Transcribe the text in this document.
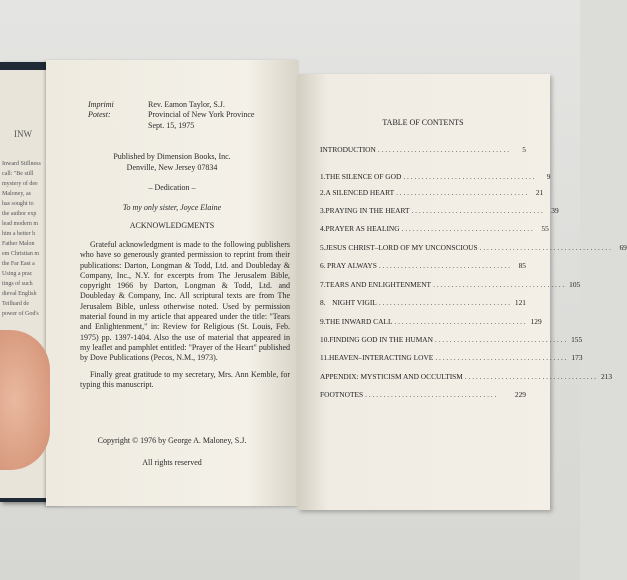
INW
Inward Stillness
call: "Be still
mystery of dee
Maloney, as
has sought to
the author exp
lead modern m
him a better h
Father Malon
em Christian m
the Far East a
Using a prac
tings of such
dieval English
Teilhard de
power of God's
Imprimi Potest:
Rev. Eamon Taylor, S.J.
Provincial of New York Province
Sept. 15, 1975
Published by Dimension Books, Inc.
Denville, New Jersey 07834
– Dedication –
To my only sister, Joyce Elaine
ACKNOWLEDGMENTS

Grateful acknowledgment is made to the following publishers who have so generously granted permission to reprint from their publications: Darton, Longman & Todd, Ltd. and Doubleday & Company, Inc., N.Y. for excerpts from The Jerusalem Bible, copyright 1966 by Darton, Longman & Todd, Ltd. and Doubleday & Company, Inc. All scriptural texts are from The Jerusalem Bible, unless otherwise noted. Used by permission material found in my article that appeared under the title: "Tears and Enlightenment," in: Review for Religious (St. Louis, Feb. 1975) pp. 1397-1404. Also the use of material that appeared in my leaflet and pamphlet entitled: "Prayer of the Heart" published by Dove Publications (Pecos, N.M., 1973).

Finally great gratitude to my secretary, Mrs. Ann Kemble, for typing this manuscript.

Copyright © 1976 by George A. Maloney, S.J.
All rights reserved
TABLE OF CONTENTS
INTRODUCTION . . . . . . . . . . . . . . . . . . . . . . . . . . . . . . . . . . . .	5
1. THE SILENCE OF GOD . . . . . . . . . . . . . . . . . . . . . . . . . . . . . . . . . . . .	9
2. A SILENCED HEART . . . . . . . . . . . . . . . . . . . . . . . . . . . . . . . . . . . .	21
3. PRAYING IN THE HEART . . . . . . . . . . . . . . . . . . . . . . . . . . . . . . . . . . . .	39
4. PRAYER AS HEALING . . . . . . . . . . . . . . . . . . . . . . . . . . . . . . . . . . . .	55
5. JESUS CHRIST–LORD OF MY UNCONSCIOUS . . . . . . . . . . . . . . . . . . . . . . . . . . . . . . . . . . . .	69
6. PRAY ALWAYS . . . . . . . . . . . . . . . . . . . . . . . . . . . . . . . . . . . .	85
7. TEARS AND ENLIGHTENMENT . . . . . . . . . . . . . . . . . . . . . . . . . . . . . . . . . . . . 105
8. NIGHT VIGIL . . . . . . . . . . . . . . . . . . . . . . . . . . . . . . . . . . . . 121
9. THE INWARD CALL . . . . . . . . . . . . . . . . . . . . . . . . . . . . . . . . . . . . 129
10. FINDING GOD IN THE HUMAN . . . . . . . . . . . . . . . . . . . . . . . . . . . . . . . . . . . . 155
11. HEAVEN–INTERACTING LOVE . . . . . . . . . . . . . . . . . . . . . . . . . . . . . . . . . . . . 173
APPENDIX: MYSTICISM AND OCCULTISM . . . . . . . . . . . . . . . . . . . . . . . . . . . . . . . . . . . . 213
FOOTNOTES . . . . . . . . . . . . . . . . . . . . . . . . . . . . . . . . . . . .	229
